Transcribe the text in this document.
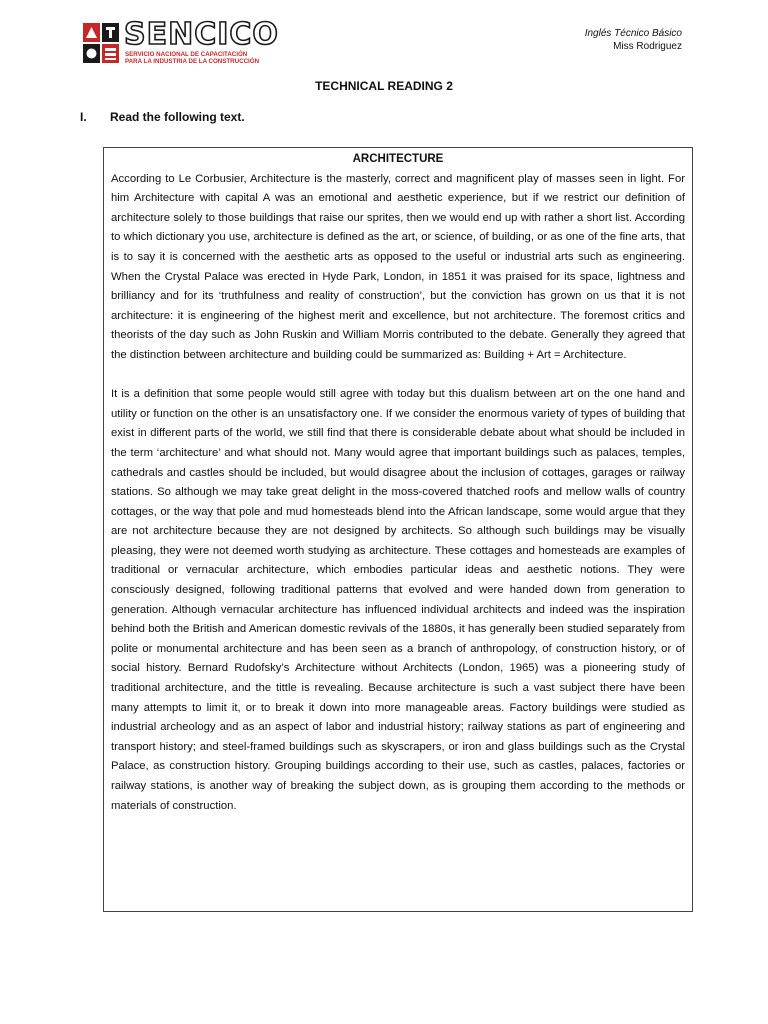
SENCICO
SERVICIO NACIONAL DE CAPACITACIÓN
PARA LA INDUSTRIA DE LA CONSTRUCCIÓN
Inglés Técnico Básico
Miss Rodriguez
TECHNICAL READING 2
I. Read the following text.
ARCHITECTURE

According to Le Corbusier, Architecture is the masterly, correct and magnificent play of masses seen in light. For him Architecture with capital A was an emotional and aesthetic experience, but if we restrict our definition of architecture solely to those buildings that raise our sprites, then we would end up with rather a short list. According to which dictionary you use, architecture is defined as the art, or science, of building, or as one of the fine arts, that is to say it is concerned with the aesthetic arts as opposed to the useful or industrial arts such as engineering. When the Crystal Palace was erected in Hyde Park, London, in 1851 it was praised for its space, lightness and brilliancy and for its ‘truthfulness and reality of construction’, but the conviction has grown on us that it is not architecture: it is engineering of the highest merit and excellence, but not architecture. The foremost critics and theorists of the day such as John Ruskin and William Morris contributed to the debate. Generally they agreed that the distinction between architecture and building could be summarized as: Building + Art = Architecture.

It is a definition that some people would still agree with today but this dualism between art on the one hand and utility or function on the other is an unsatisfactory one. If we consider the enormous variety of types of building that exist in different parts of the world, we still find that there is considerable debate about what should be included in the term ‘architecture’ and what should not. Many would agree that important buildings such as palaces, temples, cathedrals and castles should be included, but would disagree about the inclusion of cottages, garages or railway stations. So although we may take great delight in the moss-covered thatched roofs and mellow walls of country cottages, or the way that pole and mud homesteads blend into the African landscape, some would argue that they are not architecture because they are not designed by architects. So although such buildings may be visually pleasing, they were not deemed worth studying as architecture. These cottages and homesteads are examples of traditional or vernacular architecture, which embodies particular ideas and aesthetic notions. They were consciously designed, following traditional patterns that evolved and were handed down from generation to generation. Although vernacular architecture has influenced individual architects and indeed was the inspiration behind both the British and American domestic revivals of the 1880s, it has generally been studied separately from polite or monumental architecture and has been seen as a branch of anthropology, of construction history, or of social history. Bernard Rudofsky’s Architecture without Architects (London, 1965) was a pioneering study of traditional architecture, and the tittle is revealing. Because architecture is such a vast subject there have been many attempts to limit it, or to break it down into more manageable areas. Factory buildings were studied as industrial archeology and as an aspect of labor and industrial history; railway stations as part of engineering and transport history; and steel-framed buildings such as skyscrapers, or iron and glass buildings such as the Crystal Palace, as construction history. Grouping buildings according to their use, such as castles, palaces, factories or railway stations, is another way of breaking the subject down, as is grouping them according to the methods or materials of construction.
